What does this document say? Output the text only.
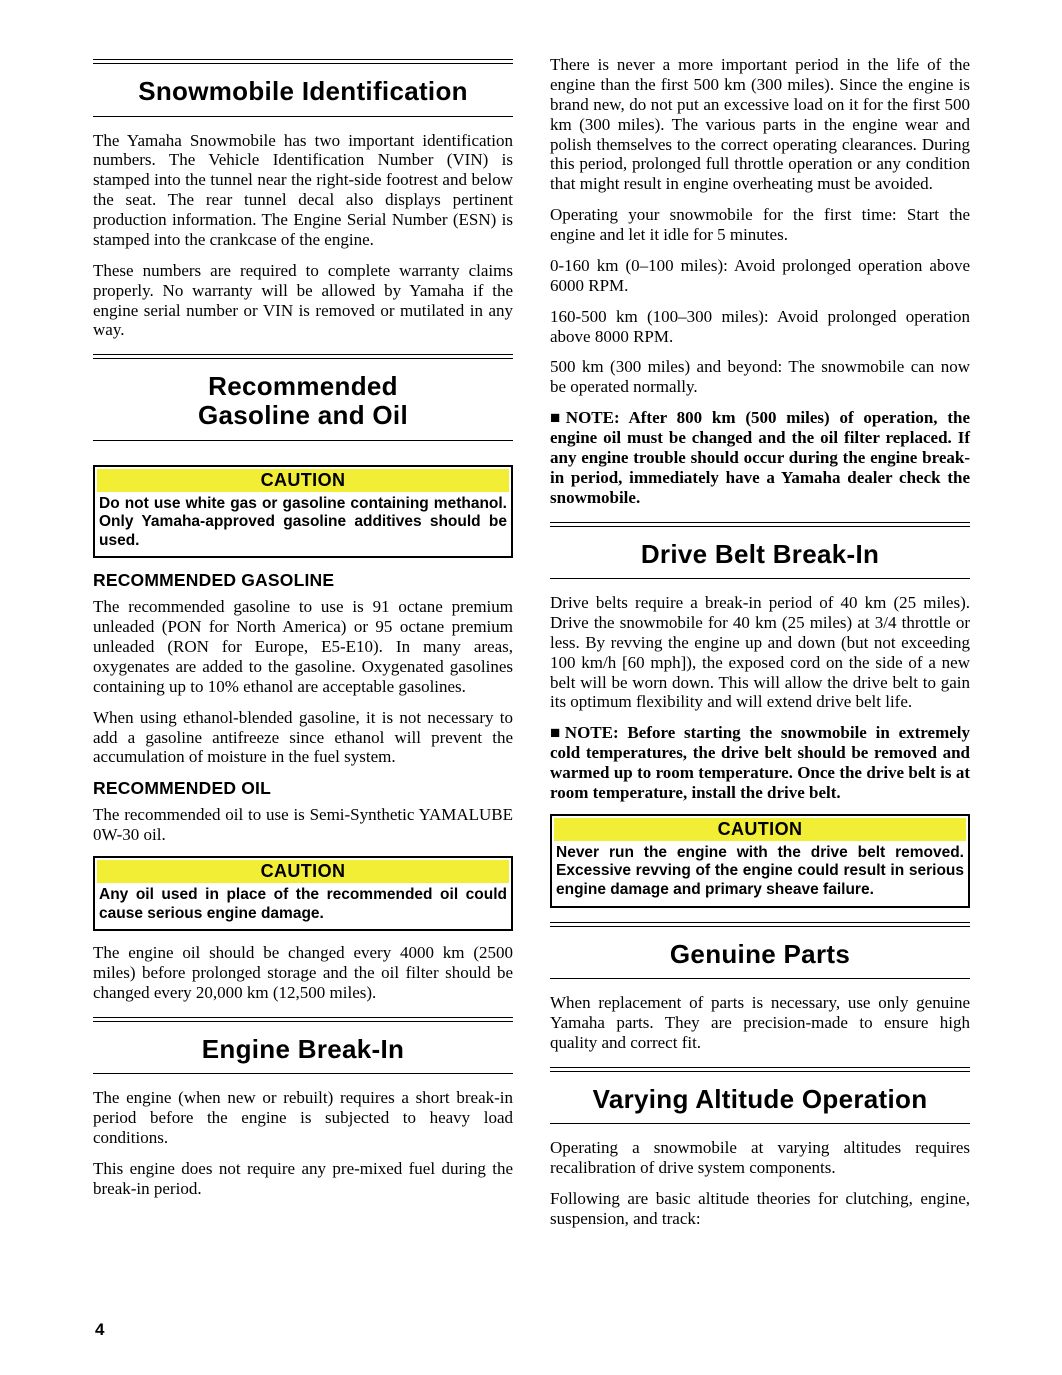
Snowmobile Identification

The Yamaha Snowmobile has two important identification numbers. The Vehicle Identification Number (VIN) is stamped into the tunnel near the right-side footrest and below the seat. The rear tunnel decal also displays pertinent production information. The Engine Serial Number (ESN) is stamped into the crankcase of the engine.

These numbers are required to complete warranty claims properly. No warranty will be allowed by Yamaha if the engine serial number or VIN is removed or mutilated in any way.

Recommended Gasoline and Oil
CAUTION
Do not use white gas or gasoline containing methanol. Only Yamaha-approved gasoline additives should be used.
RECOMMENDED GASOLINE

The recommended gasoline to use is 91 octane premium unleaded (PON for North America) or 95 octane premium unleaded (RON for Europe, E5-E10). In many areas, oxygenates are added to the gasoline. Oxygenated gasolines containing up to 10% ethanol are acceptable gasolines.

When using ethanol-blended gasoline, it is not necessary to add a gasoline antifreeze since ethanol will prevent the accumulation of moisture in the fuel system.

RECOMMENDED OIL

The recommended oil to use is Semi-Synthetic YAMALUBE 0W-30 oil.

CAUTION
Any oil used in place of the recommended oil could cause serious engine damage.

The engine oil should be changed every 4000 km (2500 miles) before prolonged storage and the oil filter should be changed every 20,000 km (12,500 miles).

Engine Break-In

The engine (when new or rebuilt) requires a short break-in period before the engine is subjected to heavy load conditions.

This engine does not require any pre-mixed fuel during the break-in period.

There is never a more important period in the life of the engine than the first 500 km (300 miles). Since the engine is brand new, do not put an excessive load on it for the first 500 km (300 miles). The various parts in the engine wear and polish themselves to the correct operating clearances. During this period, prolonged full throttle operation or any condition that might result in engine overheating must be avoided.

Operating your snowmobile for the first time: Start the engine and let it idle for 5 minutes.

0-160 km (0–100 miles): Avoid prolonged operation above 6000 RPM.

160-500 km (100–300 miles): Avoid prolonged operation above 8000 RPM.

500 km (300 miles) and beyond: The snowmobile can now be operated normally.

■NOTE: After 800 km (500 miles) of operation, the engine oil must be changed and the oil filter replaced. If any engine trouble should occur during the engine break-in period, immediately have a Yamaha dealer check the snowmobile.

Drive Belt Break-In

Drive belts require a break-in period of 40 km (25 miles). Drive the snowmobile for 40 km (25 miles) at 3/4 throttle or less. By revving the engine up and down (but not exceeding 100 km/h [60 mph]), the exposed cord on the side of a new belt will be worn down. This will allow the drive belt to gain its optimum flexibility and will extend drive belt life.

■NOTE: Before starting the snowmobile in extremely cold temperatures, the drive belt should be removed and warmed up to room temperature. Once the drive belt is at room temperature, install the drive belt.

CAUTION
Never run the engine with the drive belt removed. Excessive revving of the engine could result in serious engine damage and primary sheave failure.
Genuine Parts

When replacement of parts is necessary, use only genuine Yamaha parts. They are precision-made to ensure high quality and correct fit.

Varying Altitude Operation

Operating a snowmobile at varying altitudes requires recalibration of drive system components.

Following are basic altitude theories for clutching, engine, suspension, and track:

4
